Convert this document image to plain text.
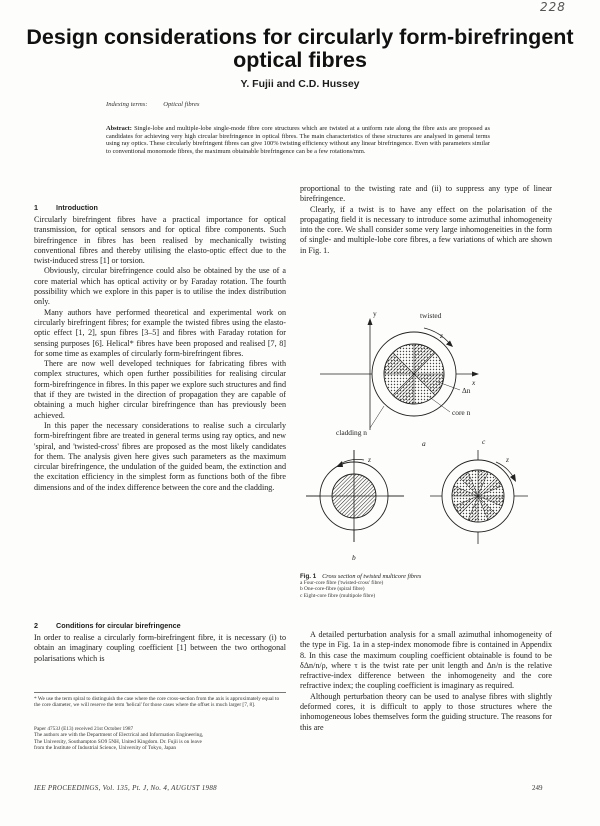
228
Design considerations for circularly form-birefringent optical fibres
Y. Fujii and C.D. Hussey
Indexing terms: Optical fibres
Abstract: Single-lobe and multiple-lobe single-mode fibre core structures which are twisted at a uniform rate along the fibre axis are proposed as candidates for achieving very high circular birefringence in optical fibres. The main characteristics of these structures are analysed in general terms using ray optics. These circularly birefringent fibres can give 100% twisting efficiency without any linear birefringence. Even with parameters similar to conventional monomode fibres, the maximum obtainable birefringence can be a few rotations/mm.
1	Introduction

Circularly birefringent fibres have a practical importance for optical transmission, for optical sensors and for optical fibre components. Such birefringence in fibres has been realised by mechanically twisting conventional fibres and thereby utilising the elasto-optic effect due to the twist-induced stress [1] or torsion.

Obviously, circular birefringence could also be obtained by the use of a core material which has optical activity or by Faraday rotation. The fourth possibility which we explore in this paper is to utilise the index distribution only.

Many authors have performed theoretical and experimental work on circularly birefringent fibres; for example the twisted fibres using the elasto-optic effect [1, 2], spun fibres [3–5] and fibres with Faraday rotation for sensing purposes [6]. Helical* fibres have been proposed and realised [7, 8] for some time as examples of circularly form-birefringent fibres.

There are now well developed techniques for fabricating fibres with complex structures, which open further possibilities for realising circular form-birefringence in fibres. In this paper we explore such structures and find that if they are twisted in the direction of propagation they are capable of obtaining a much higher circular birefringence than has previously been achieved.

In this paper the necessary considerations to realise such a circularly form-birefringent fibre are treated in general terms using ray optics, and new 'spiral, and 'twisted-cross' fibres are proposed as the most likely candidates for them. The analysis given here gives such parameters as the maximum circular birefringence, the undulation of the guided beam, the extinction and the excitation efficiency in the simplest form as functions both of the fibre dimensions and of the index difference between the core and the cladding.

2	Conditions for circular birefringence

In order to realise a circularly form-birefringent fibre, it is necessary (i) to obtain an imaginary coupling coefficient [1] between the two orthogonal polarisations which is

* We use the term spiral to distinguish the case where the core cross-section from the axis is approximately equal to the core diameter, we will reserve the term 'helical' for those cases where the offset is much larger [7, 8].
Paper 4753J (E13) received 21st October 1987
The authors are with the Department of Electrical and Information Engineering,
The University, Southampton SO9 5NH, United Kingdom. Dr. Fujii is on leave
from the Institute of Industrial Science, University of Tokyo, Japan
IEE PROCEEDINGS, Vol. 135, Pt. J, No. 4, AUGUST 1988	249

proportional to the twisting rate and (ii) to suppress any type of linear birefringence.

Clearly, if a twist is to have any effect on the polarisation of the propagating field it is necessary to introduce some azimuthal inhomogeneity into the core. We shall consider some very large inhomogeneities in the form of single- and multiple-lobe core fibres, a few variations of which are shown in Fig. 1.

y	twisted
z
x
Δn
core n
cladding n
a
z
b
c
z
Fig. 1 Cross section of twisted multicore fibres
a Four-core fibre ('twisted-cross' fibre)
b One-core-fibre (spiral fibre)
c Eight-core fibre (multipole fibre)

A detailed perturbation analysis for a small azimuthal inhomogeneity of the type in Fig. 1a in a step-index monomode fibre is contained in Appendix 8. In this case the maximum coupling coefficient obtainable is found to be δΔn/n/ρ, where τ is the twist rate per unit length and Δn/n is the relative refractive-index difference between the inhomogeneity and the core refractive index; the coupling coefficient is imaginary as required.

Although perturbation theory can be used to analyse fibres with slightly deformed cores, it is difficult to apply to those structures where the inhomogeneous lobes themselves form the guiding structure. The reasons for this are
